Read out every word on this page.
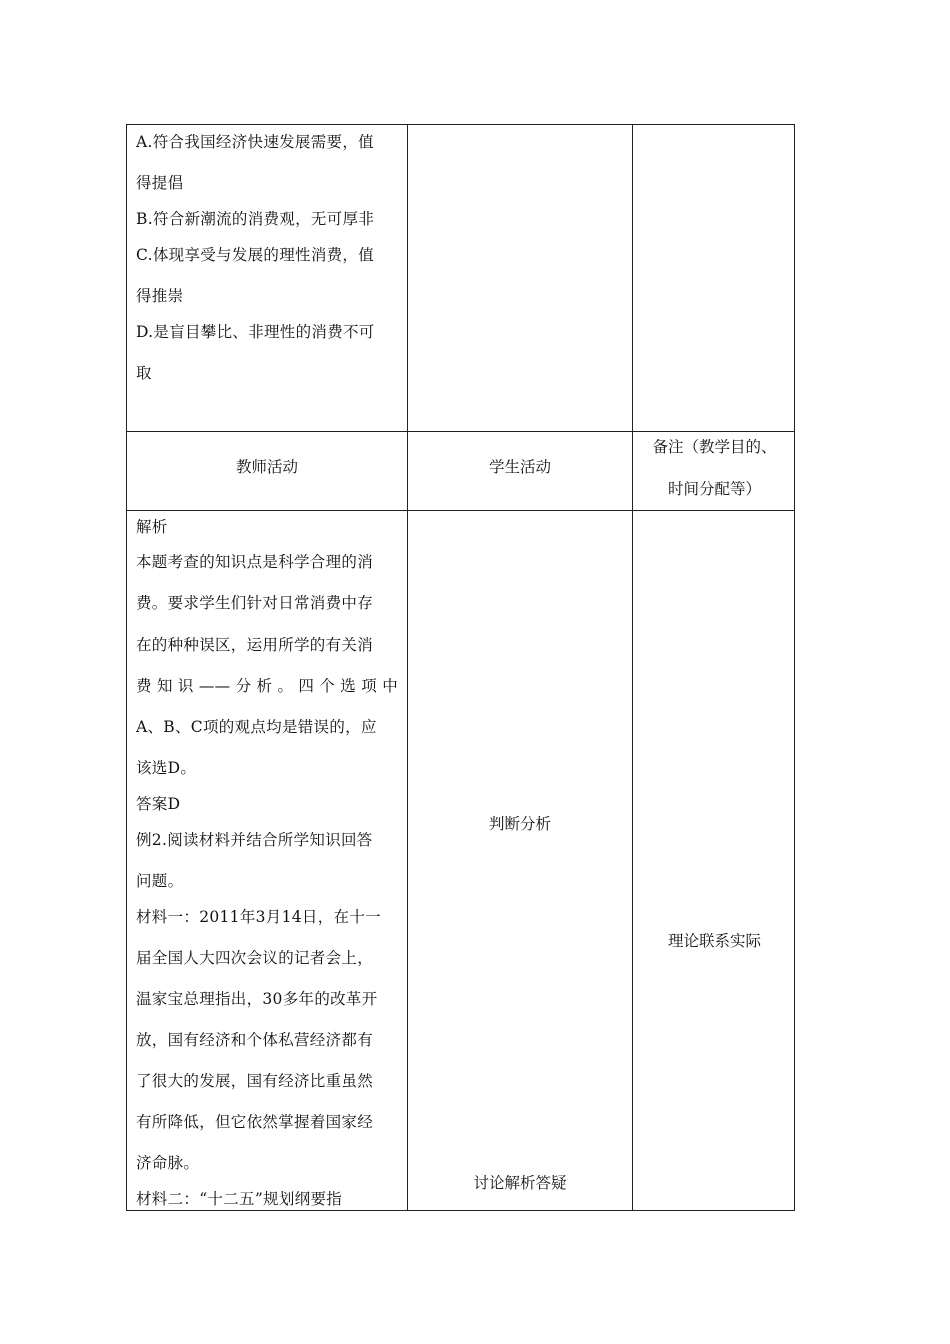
A.符合我国经济快速发展需要，值
得提倡
B.符合新潮流的消费观，无可厚非
C.体现享受与发展的理性消费，值
得推崇
D.是盲目攀比、非理性的消费不可
取
教师活动	学生活动
备注（教学目的、
时间分配等）
解析
本题考查的知识点是科学合理的消
费。要求学生们针对日常消费中存
在的种种误区，运用所学的有关消
费知识——分析。四个选项中
A、B、C项的观点均是错误的，应
该选D。
答案D
例2.阅读材料并结合所学知识回答
问题。
材料一：2011年3月14日，在十一
届全国人大四次会议的记者会上，
温家宝总理指出，30多年的改革开
放，国有经济和个体私营经济都有
了很大的发展，国有经济比重虽然
有所降低，但它依然掌握着国家经
济命脉。
材料二：“十二五”规划纲要指
判断分析
讨论解析答疑
理论联系实际
